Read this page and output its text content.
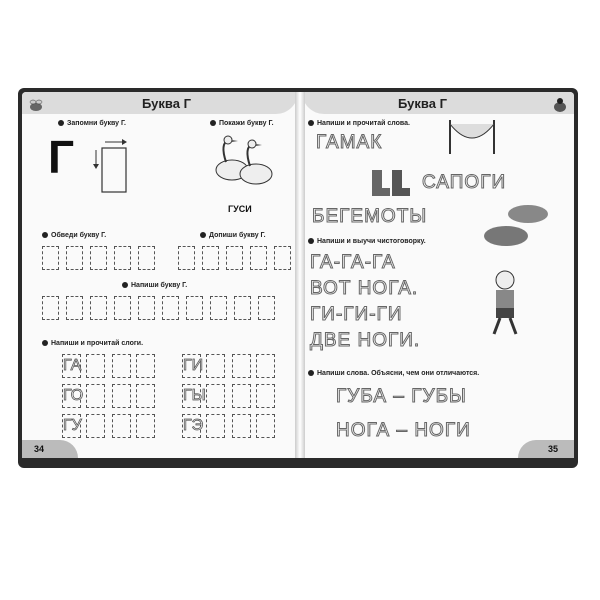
Буква Г
Запомни букву Г.	Покажи букву Г.
Г
ГУСИ
Обведи букву Г.	Допиши букву Г.
Напиши букву Г.
Напиши и прочитай слоги.
ГА
ГО
ГУ
ГИ
ГЫ
ГЭ
Буква Г
Напиши и прочитай слова.
ГАМАК
САПОГИ
БЕГЕМОТЫ
Напиши и выучи чистоговорку.
ГА-ГА-ГА
ВОТ НОГА.
ГИ-ГИ-ГИ
ДВЕ НОГИ.
Напиши слова. Объясни, чем они отличаются.
ГУБА – ГУБЫ
НОГА – НОГИ
34	35
